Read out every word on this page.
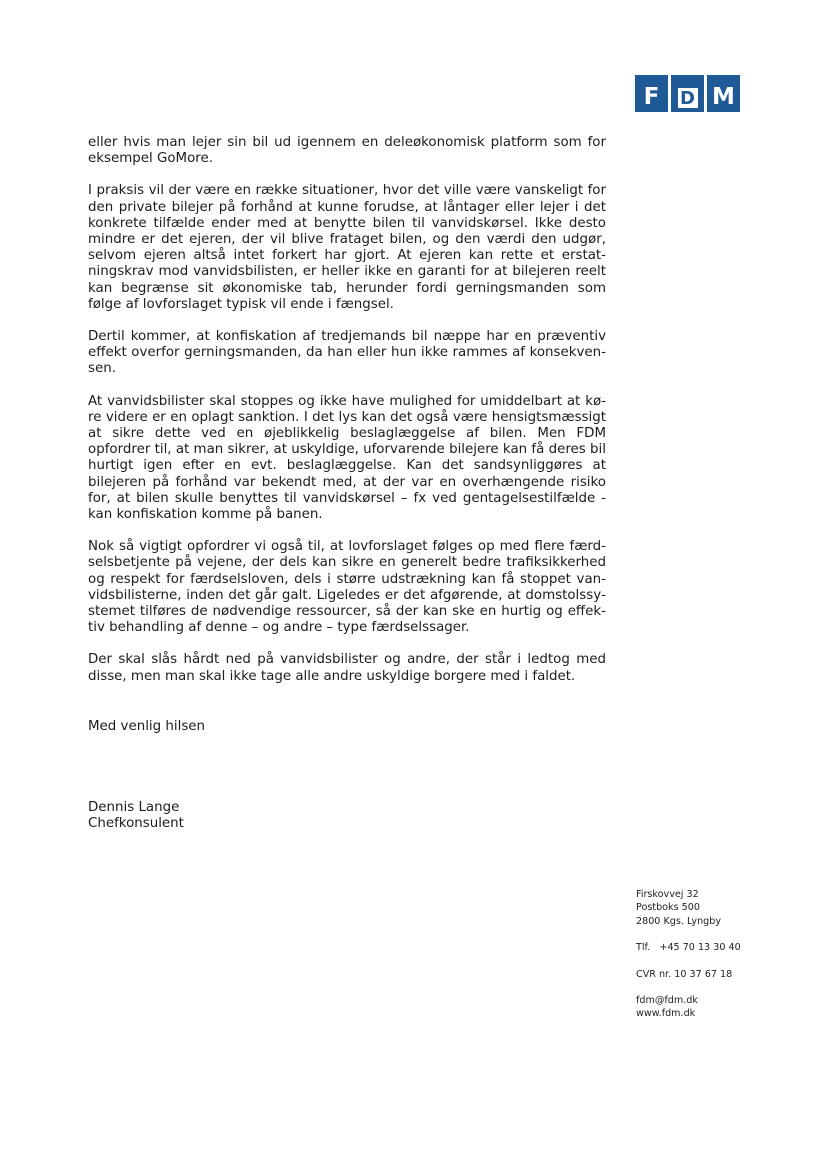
F	D M

eller hvis man lejer sin bil ud igennem en deleøkonomisk platform som for eksempel GoMore.

I praksis vil der være en række situationer, hvor det ville være vanskeligt for den private bilejer på forhånd at kunne forudse, at låntager eller lejer i det konkrete tilfælde ender med at benytte bilen til vanvidskørsel. Ikke desto mindre er det ejeren, der vil blive frataget bilen, og den værdi den udgør, selvom ejeren altså intet forkert har gjort. At ejeren kan rette et erstatningskrav mod vanvidsbilisten, er heller ikke en garanti for at bilejeren reelt kan begrænse sit økonomiske tab, herunder fordi gerningsmanden som følge af lovforslaget typisk vil ende i fængsel.

Dertil kommer, at konfiskation af tredjemands bil næppe har en præventiv effekt overfor gerningsmanden, da han eller hun ikke rammes af konsekvensen.

At vanvidsbilister skal stoppes og ikke have mulighed for umiddelbart at køre videre er en oplagt sanktion. I det lys kan det også være hensigtsmæssigt at sikre dette ved en øjeblikkelig beslaglæggelse af bilen. Men FDM opfordrer til, at man sikrer, at uskyldige, uforvarende bilejere kan få deres bil hurtigt igen efter en evt. beslaglæggelse. Kan det sandsynliggøres at bilejeren på forhånd var bekendt med, at der var en overhængende risiko for, at bilen skulle benyttes til vanvidskørsel – fx ved gentagelsestilfælde - kan konfiskation komme på banen.

Nok så vigtigt opfordrer vi også til, at lovforslaget følges op med flere færdselsbetjente på vejene, der dels kan sikre en generelt bedre trafiksikkerhed og respekt for færdselsloven, dels i større udstrækning kan få stoppet vanvidsbilisterne, inden det går galt. Ligeledes er det afgørende, at domstolssystemet tilføres de nødvendige ressourcer, så der kan ske en hurtig og effektiv behandling af denne – og andre – type færdselssager.

Der skal slås hårdt ned på vanvidsbilister og andre, der står i ledtog med disse, men man skal ikke tage alle andre uskyldige borgere med i faldet.

Med venlig hilsen
Dennis Lange
Chefkonsulent
Firskovvej 32
Postboks 500
2800 Kgs. Lyngby
Tlf.   +45 70 13 30 40
CVR nr. 10 37 67 18
fdm@fdm.dk
www.fdm.dk
